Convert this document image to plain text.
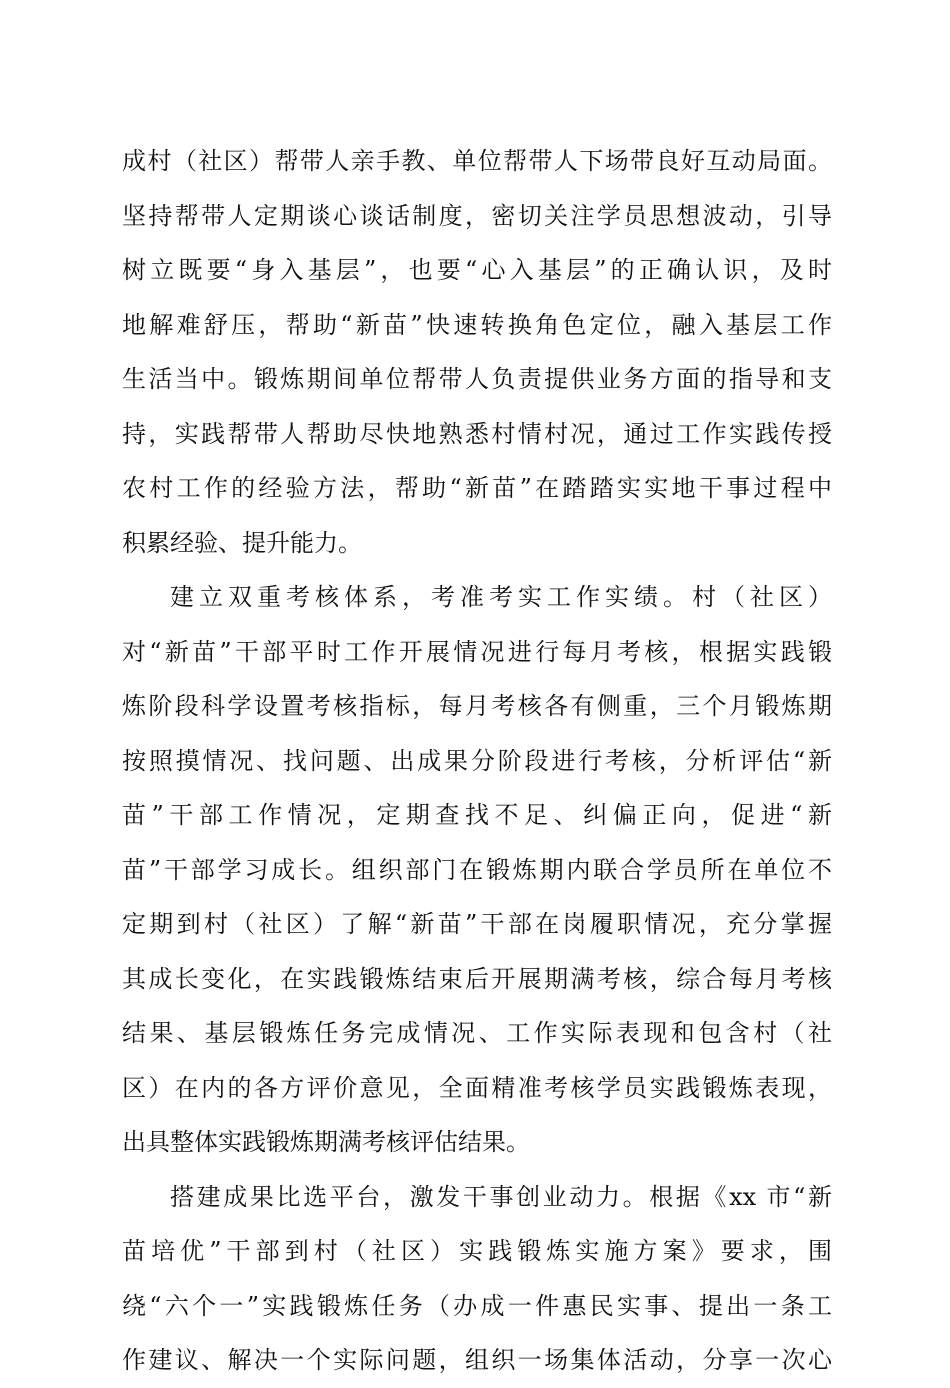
成村（社区）帮带人亲手教、单位帮带人下场带良好互动局面。
坚持帮带人定期谈心谈话制度，密切关注学员思想波动，引导
树立既要“身入基层”，也要“心入基层”的正确认识，及时
地解难舒压，帮助“新苗”快速转换角色定位，融入基层工作
生活当中。锻炼期间单位帮带人负责提供业务方面的指导和支
持，实践帮带人帮助尽快地熟悉村情村况，通过工作实践传授
农村工作的经验方法，帮助“新苗”在踏踏实实地干事过程中
积累经验、提升能力。
建立双重考核体系，考准考实工作实绩。村（社区）
对“新苗”干部平时工作开展情况进行每月考核，根据实践锻
炼阶段科学设置考核指标，每月考核各有侧重，三个月锻炼期
按照摸情况、找问题、出成果分阶段进行考核，分析评估“新
苗”干部工作情况，定期查找不足、纠偏正向，促进“新
苗”干部学习成长。组织部门在锻炼期内联合学员所在单位不
定期到村（社区）了解“新苗”干部在岗履职情况，充分掌握
其成长变化，在实践锻炼结束后开展期满考核，综合每月考核
结果、基层锻炼任务完成情况、工作实际表现和包含村（社
区）在内的各方评价意见，全面精准考核学员实践锻炼表现，
出具整体实践锻炼期满考核评估结果。
搭建成果比选平台，激发干事创业动力。根据《xx 市“新
苗培优”干部到村（社区）实践锻炼实施方案》要求，围
绕“六个一”实践锻炼任务（办成一件惠民实事、提出一条工
作建议、解决一个实际问题，组织一场集体活动，分享一次心
